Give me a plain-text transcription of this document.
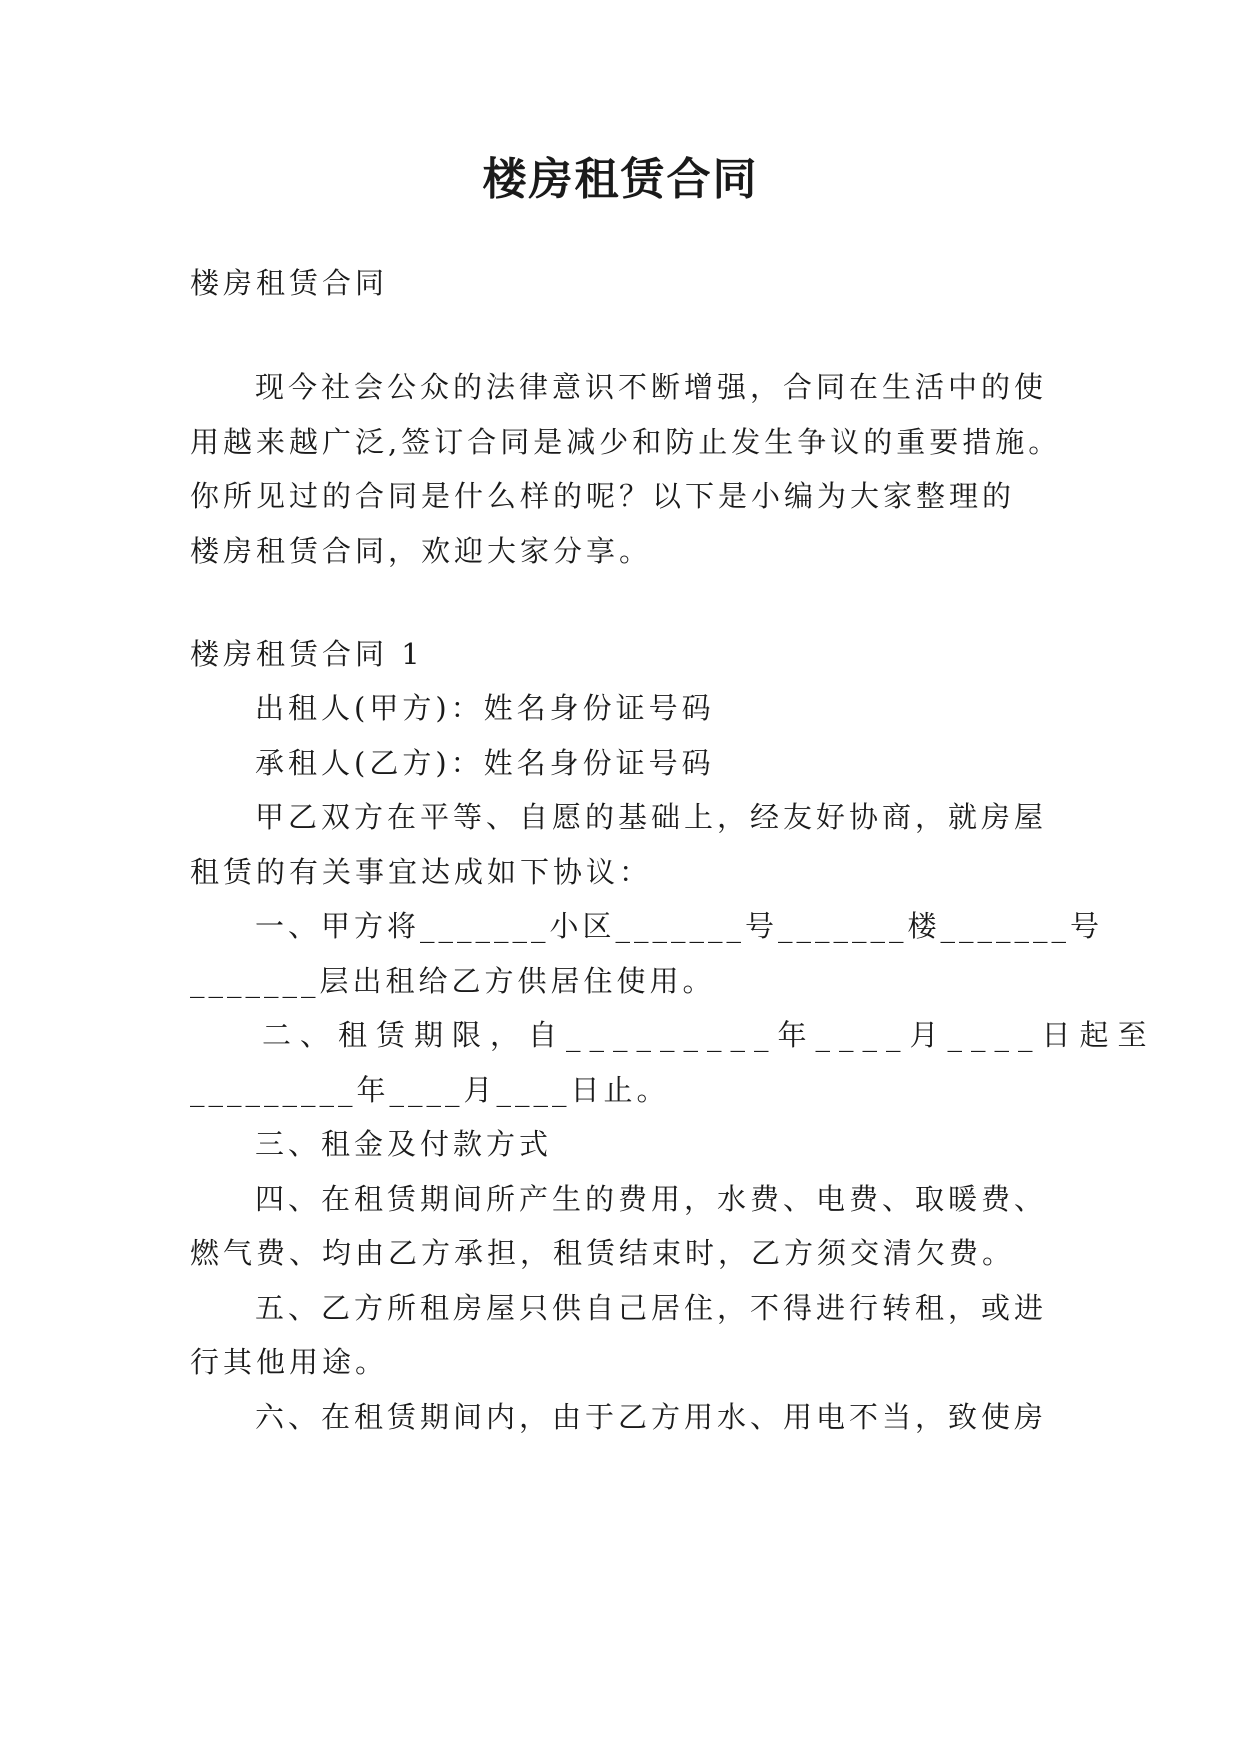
楼房租赁合同
楼房租赁合同
现今社会公众的法律意识不断增强，合同在生活中的使
用越来越广泛,签订合同是减少和防止发生争议的重要措施。
你所见过的合同是什么样的呢？以下是小编为大家整理的
楼房租赁合同，欢迎大家分享。
楼房租赁合同 1
出租人(甲方)：姓名身份证号码
承租人(乙方)：姓名身份证号码
甲乙双方在平等、自愿的基础上，经友好协商，就房屋
租赁的有关事宜达成如下协议：
一、甲方将_______小区_______号_______楼_______号
_______层出租给乙方供居住使用。
二、租赁期限，自_________年____月____日起至
_________年____月____日止。
三、租金及付款方式
四、在租赁期间所产生的费用，水费、电费、取暖费、
燃气费、均由乙方承担，租赁结束时，乙方须交清欠费。
五、乙方所租房屋只供自己居住，不得进行转租，或进
行其他用途。
六、在租赁期间内，由于乙方用水、用电不当，致使房
